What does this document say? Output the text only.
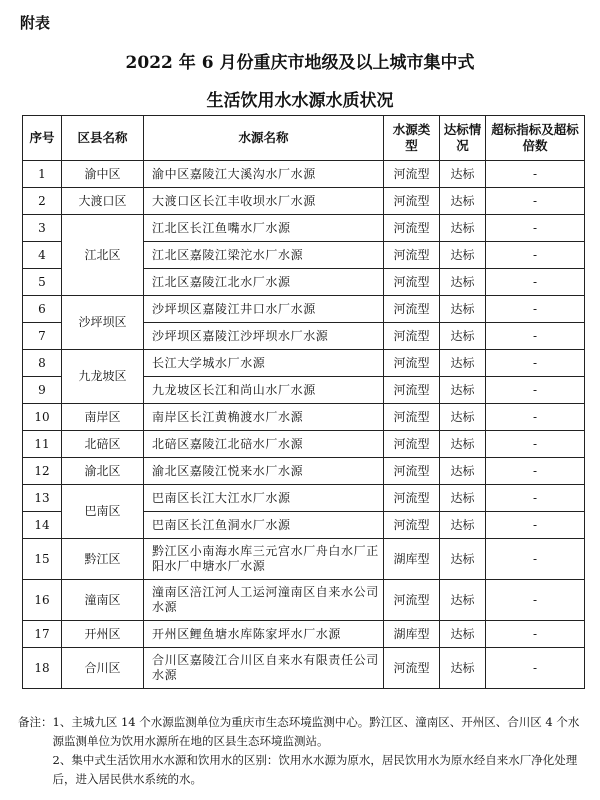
附表
2022 年 6 月份重庆市地级及以上城市集中式
生活饮用水水源水质状况
序号	区县名称	水源名称	水源类型	达标情况	超标指标及超标倍数
1	渝中区	渝中区嘉陵江大溪沟水厂水源	河流型	达标	-
2	大渡口区	大渡口区长江丰收坝水厂水源	河流型	达标	-
3	江北区	江北区长江鱼嘴水厂水源	河流型	达标	-
4		江北区嘉陵江梁沱水厂水源	河流型	达标	-
5		江北区嘉陵江北水厂水源	河流型	达标	-
6	沙坪坝区	沙坪坝区嘉陵江井口水厂水源	河流型	达标	-
7		沙坪坝区嘉陵江沙坪坝水厂水源	河流型	达标	-
8	九龙坡区	长江大学城水厂水源	河流型	达标	-
9		九龙坡区长江和尚山水厂水源	河流型	达标	-
10	南岸区	南岸区长江黄桷渡水厂水源	河流型	达标	-
11	北碚区	北碚区嘉陵江北碚水厂水源	河流型	达标	-
12	渝北区	渝北区嘉陵江悦来水厂水源	河流型	达标	-
13	巴南区	巴南区长江大江水厂水源	河流型	达标	-
14		巴南区长江鱼洞水厂水源	河流型	达标	-
15	黔江区	黔江区小南海水库三元宫水厂舟白水厂正阳水厂中塘水厂水源	湖库型	达标	-
16	潼南区	潼南区涪江河人工运河潼南区自来水公司水源	河流型	达标	-
17	开州区	开州区鲤鱼塘水库陈家坪水厂水源	湖库型	达标	-
18	合川区	合川区嘉陵江合川区自来水有限责任公司水源	河流型	达标	-
备注： 1、主城九区 14 个水源监测单位为重庆市生态环境监测中心。黔江区、潼南区、开州区、合川区 4 个水源监测单位为饮用水源所在地的区县生态环境监测站。
2、集中式生活饮用水水源和饮用水的区别：饮用水水源为原水，居民饮用水为原水经自来水厂净化处理后，进入居民供水系统的水。
